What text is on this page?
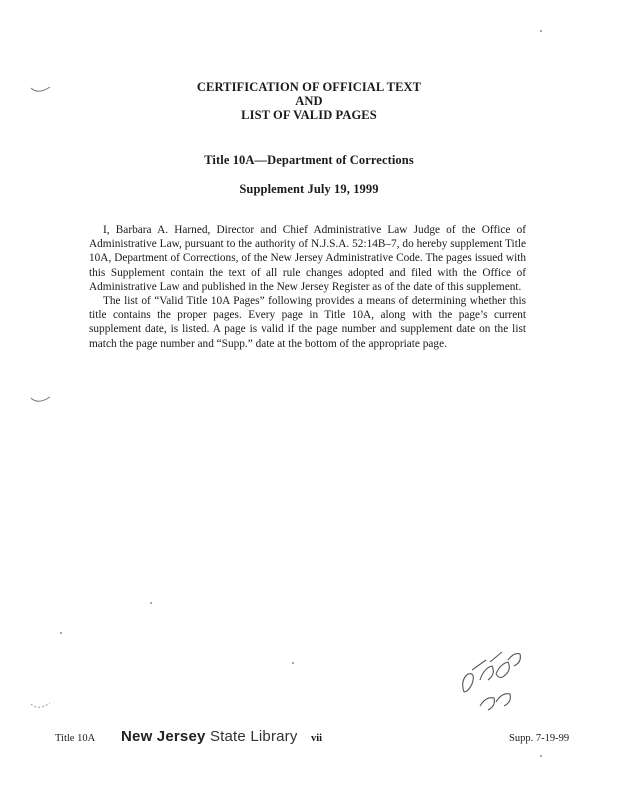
CERTIFICATION OF OFFICIAL TEXT
AND
LIST OF VALID PAGES
Title 10A—Department of Corrections
Supplement July 19, 1999

I, Barbara A. Harned, Director and Chief Administrative Law Judge of the Office of Administrative Law, pursuant to the authority of N.J.S.A. 52:14B–7, do hereby supplement Title 10A, Department of Corrections, of the New Jersey Administrative Code. The pages issued with this Supplement contain the text of all rule changes adopted and filed with the Office of Administrative Law and published in the New Jersey Register as of the date of this supplement.

The list of “Valid Title 10A Pages” following provides a means of determining whether this title contains the proper pages. Every page in Title 10A, along with the page’s current supplement date, is listed. A page is valid if the page number and supplement date on the list match the page number and “Supp.” date at the bottom of the appropriate page.

Title 10A New Jersey State Library vii	Supp. 7-19-99
